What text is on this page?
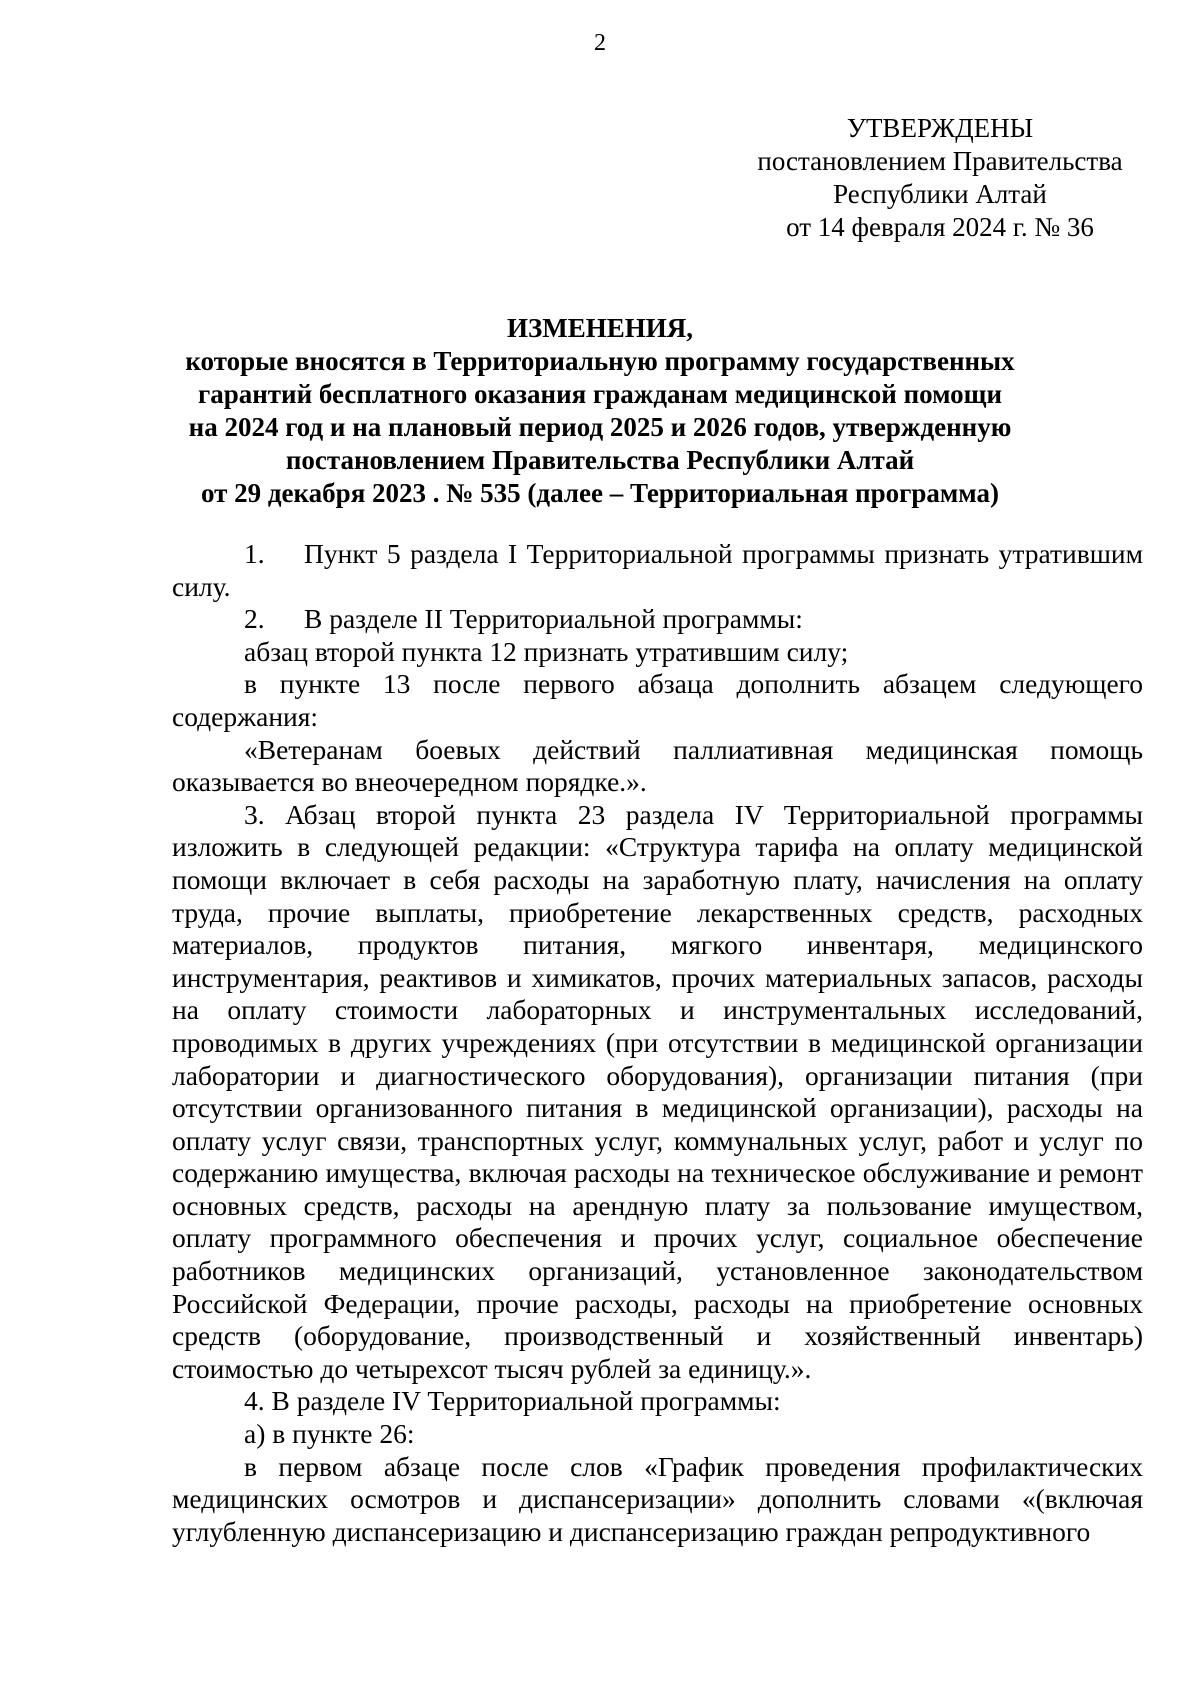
2
УТВЕРЖДЕНЫ
постановлением Правительства
Республики Алтай
от 14 февраля 2024 г. № 36
ИЗМЕНЕНИЯ,
которые вносятся в Территориальную программу государственных
гарантий бесплатного оказания гражданам медицинской помощи
на 2024 год и на плановый период 2025 и 2026 годов, утвержденную
постановлением Правительства Республики Алтай
от 29 декабря 2023 . № 535 (далее – Территориальная программа)

1. Пункт 5 раздела I Территориальной программы признать утратившим силу.

2. В разделе II Территориальной программы:

абзац второй пункта 12 признать утратившим силу;

в пункте 13 после первого абзаца дополнить абзацем следующего содержания:

«Ветеранам боевых действий паллиативная медицинская помощь оказывается во внеочередном порядке.».

3. Абзац второй пункта 23 раздела IV Территориальной программы изложить в следующей редакции: «Структура тарифа на оплату медицинской помощи включает в себя расходы на заработную плату, начисления на оплату труда, прочие выплаты, приобретение лекарственных средств, расходных материалов, продуктов питания, мягкого инвентаря, медицинского инструментария, реактивов и химикатов, прочих материальных запасов, расходы на оплату стоимости лабораторных и инструментальных исследований, проводимых в других учреждениях (при отсутствии в медицинской организации лаборатории и диагностического оборудования), организации питания (при отсутствии организованного питания в медицинской организации), расходы на оплату услуг связи, транспортных услуг, коммунальных услуг, работ и услуг по содержанию имущества, включая расходы на техническое обслуживание и ремонт основных средств, расходы на арендную плату за пользование имуществом, оплату программного обеспечения и прочих услуг, социальное обеспечение работников медицинских организаций, установленное законодательством Российской Федерации, прочие расходы, расходы на приобретение основных средств (оборудование, производственный и хозяйственный инвентарь) стоимостью до четырехсот тысяч рублей за единицу.».

4. В разделе IV Территориальной программы:

а) в пункте 26:

в первом абзаце после слов «График проведения профилактических медицинских осмотров и диспансеризации» дополнить словами «(включая углубленную диспансеризацию и диспансеризацию граждан репродуктивного
